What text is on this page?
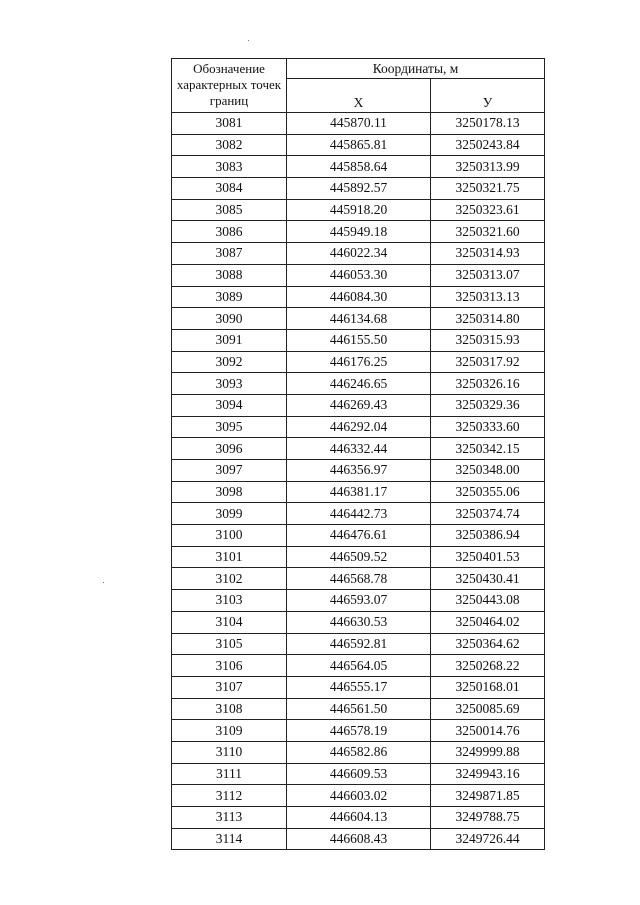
Обозначение характерных точек границ	Координаты, м	
	Х	У
3081	445870.11	3250178.13
3082	445865.81	3250243.84
3083	445858.64	3250313.99
3084	445892.57	3250321.75
3085	445918.20	3250323.61
3086	445949.18	3250321.60
3087	446022.34	3250314.93
3088	446053.30	3250313.07
3089	446084.30	3250313.13
3090	446134.68	3250314.80
3091	446155.50	3250315.93
3092	446176.25	3250317.92
3093	446246.65	3250326.16
3094	446269.43	3250329.36
3095	446292.04	3250333.60
3096	446332.44	3250342.15
3097	446356.97	3250348.00
3098	446381.17	3250355.06
3099	446442.73	3250374.74
3100	446476.61	3250386.94
3101	446509.52	3250401.53
3102	446568.78	3250430.41
3103	446593.07	3250443.08
3104	446630.53	3250464.02
3105	446592.81	3250364.62
3106	446564.05	3250268.22
3107	446555.17	3250168.01
3108	446561.50	3250085.69
3109	446578.19	3250014.76
3110	446582.86	3249999.88
3111	446609.53	3249943.16
3112	446603.02	3249871.85
3113	446604.13	3249788.75
3114	446608.43	3249726.44
